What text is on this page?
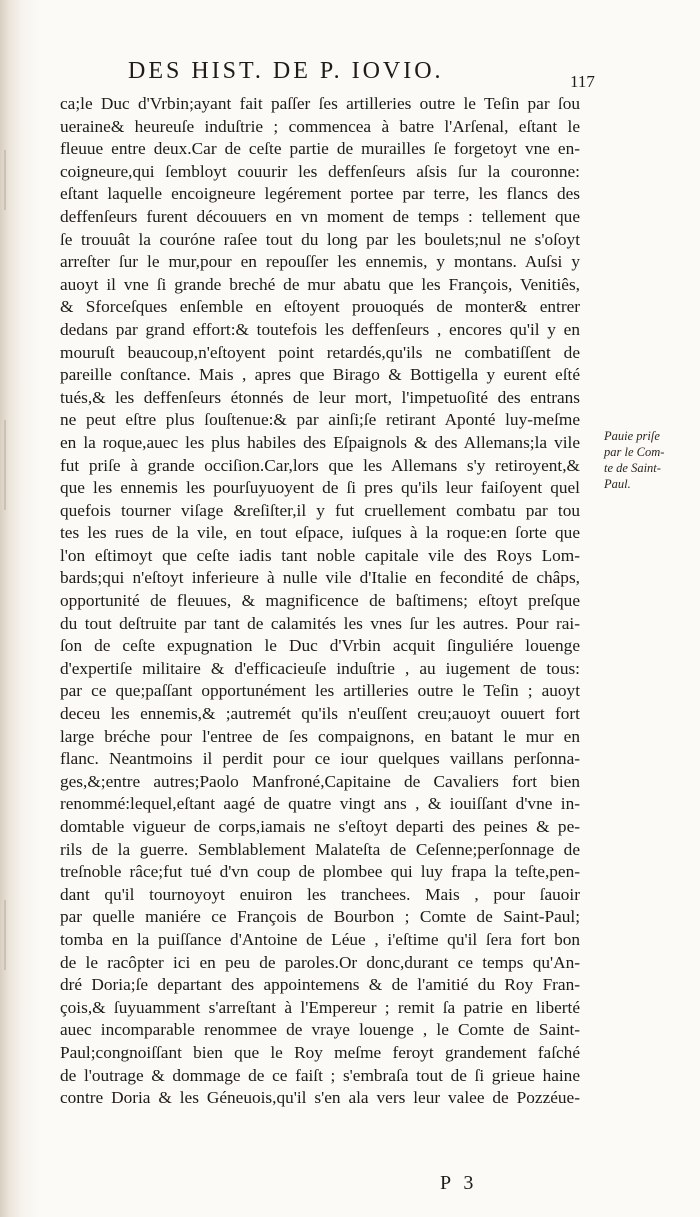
DES HIST. DE P. IOVIO.	117
ca;le Duc d'Vrbin;ayant fait paſſer ſes artilleries outre le Teſin par ſou
ueraine& heureuſe induſtrie ; commencea à batre l'Arſenal, eſtant le
fleuue entre deux.Car de ceſte partie de murailles ſe forgetoyt vne en-
coigneure,qui ſembloyt couurir les deffenſeurs aſsis ſur la couronne:
eſtant laquelle encoigneure legérement portee par terre, les flancs des
deffenſeurs furent découuers en vn moment de temps : tellement que
ſe trouuât la couróne raſee tout du long par les boulets;nul ne s'oſoyt
arreſter ſur le mur,pour en repouſſer les ennemis, y montans. Auſsi y
auoyt il vne ſi grande breché de mur abatu que les François, Venitiês,
& Sforceſques enſemble en eſtoyent prouoqués de monter& entrer
dedans par grand effort:& toutefois les deffenſeurs , encores qu'il y en
mouruſt beaucoup,n'eſtoyent point retardés,qu'ils ne combatiſſent de
pareille conſtance. Mais , apres que Birago & Bottigella y eurent eſté
tués,& les deffenſeurs étonnés de leur mort, l'impetuoſité des entrans
ne peut eſtre plus ſouſtenue:& par ainſi;ſe retirant Aponté luy-meſme
en la roque,auec les plus habiles des Eſpaignols & des Allemans;la vile
fut priſe à grande occiſion.Car,lors que les Allemans s'y retiroyent,&
que les ennemis les pourſuyuoyent de ſi pres qu'ils leur faiſoyent quel
quefois tourner viſage &reſiſter,il y fut cruellement combatu par tou
tes les rues de la vile, en tout eſpace, iuſques à la roque:en ſorte que
l'on eſtimoyt que ceſte iadis tant noble capitale vile des Roys Lom-
bards;qui n'eſtoyt inferieure à nulle vile d'Italie en fecondité de châps,
opportunité de fleuues, & magnificence de baſtimens; eſtoyt preſque
du tout deſtruite par tant de calamités les vnes ſur les autres. Pour rai-
ſon de ceſte expugnation le Duc d'Vrbin acquit ſinguliére louenge
d'expertiſe militaire & d'efficacieuſe induſtrie , au iugement de tous:
par ce que;paſſant opportunément les artilleries outre le Teſin ; auoyt
deceu les ennemis,& ;autremét qu'ils n'euſſent creu;auoyt ouuert fort
large bréche pour l'entree de ſes compaignons, en batant le mur en
flanc. Neantmoins il perdit pour ce iour quelques vaillans perſonna-
ges,&;entre autres;Paolo Manfroné,Capitaine de Cavaliers fort bien
renommé:lequel,eſtant aagé de quatre vingt ans , & iouiſſant d'vne in-
domtable vigueur de corps,iamais ne s'eſtoyt departi des peines & pe-
rils de la guerre. Semblablement Malateſta de Ceſenne;perſonnage de
treſnoble râce;fut tué d'vn coup de plombee qui luy frapa la teſte,pen-
dant qu'il tournoyoyt enuiron les tranchees. Mais , pour ſauoir
par quelle maniére ce François de Bourbon ; Comte de Saint-Paul;
tomba en la puiſſance d'Antoine de Léue , i'eſtime qu'il ſera fort bon
de le racôpter ici en peu de paroles.Or donc,durant ce temps qu'An-
dré Doria;ſe departant des appointemens & de l'amitié du Roy Fran-
çois,& ſuyuamment s'arreſtant à l'Empereur ; remit ſa patrie en liberté
auec incomparable renommee de vraye louenge , le Comte de Saint-
Paul;congnoiſſant bien que le Roy meſme feroyt grandement faſché
de l'outrage & dommage de ce faiſt ; s'embraſa tout de ſi grieue haine
contre Doria & les Géneuois,qu'il s'en ala vers leur valee de Pozzéue-
Pauie priſe
par le Com-
te de Saint-
Paul.
P 3
